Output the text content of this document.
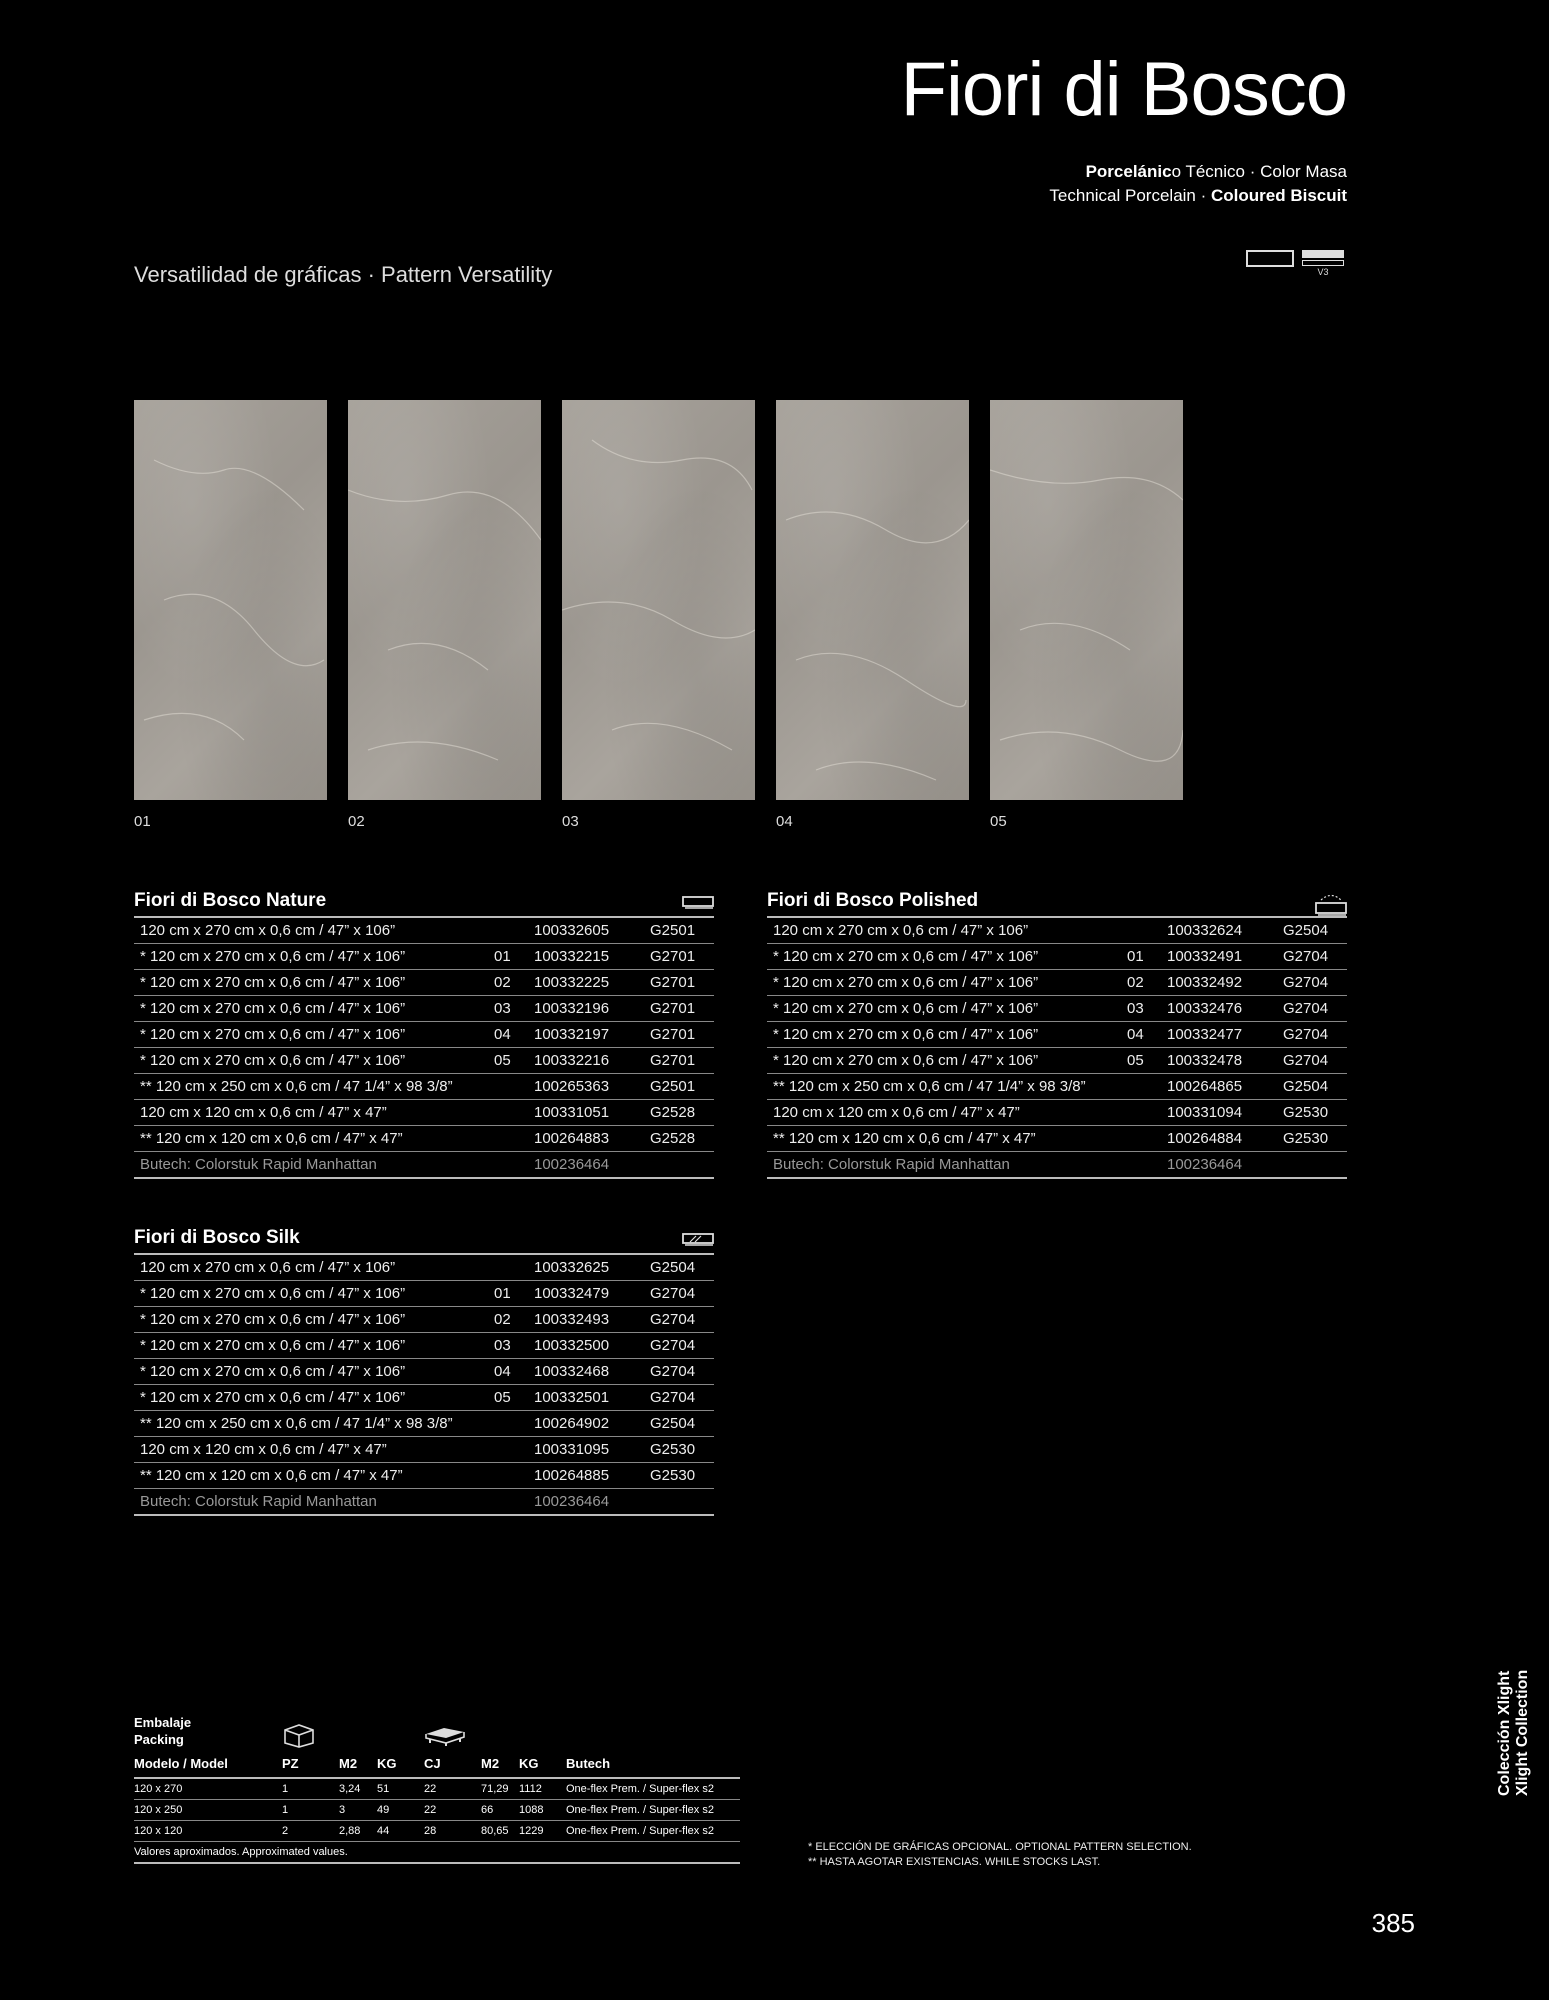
Fiori di Bosco
Porcelánico Técnico · Color Masa
Technical Porcelain · Coloured Biscuit
Versatilidad de gráficas · Pattern Versatility	V3
01	02	03	04	05
Fiori di Bosco Nature
120 cm x 270 cm x 0,6 cm / 47” x 106”	100332605	G2501
* 120 cm x 270 cm x 0,6 cm / 47” x 106”	01	100332215	G2701
* 120 cm x 270 cm x 0,6 cm / 47” x 106”	02	100332225	G2701
* 120 cm x 270 cm x 0,6 cm / 47” x 106”	03	100332196	G2701
* 120 cm x 270 cm x 0,6 cm / 47” x 106”	04	100332197	G2701
* 120 cm x 270 cm x 0,6 cm / 47” x 106”	05	100332216	G2701
** 120 cm x 250 cm x 0,6 cm / 47 1/4” x 98 3/8”	100265363	G2501
120 cm x 120 cm x 0,6 cm / 47” x 47”	100331051	G2528
** 120 cm x 120 cm x 0,6 cm / 47” x 47”	100264883	G2528
Butech: Colorstuk Rapid Manhattan	100236464
Fiori di Bosco Polished
120 cm x 270 cm x 0,6 cm / 47” x 106”	100332624	G2504
* 120 cm x 270 cm x 0,6 cm / 47” x 106”	01	100332491	G2704
* 120 cm x 270 cm x 0,6 cm / 47” x 106”	02	100332492	G2704
* 120 cm x 270 cm x 0,6 cm / 47” x 106”	03	100332476	G2704
* 120 cm x 270 cm x 0,6 cm / 47” x 106”	04	100332477	G2704
* 120 cm x 270 cm x 0,6 cm / 47” x 106”	05	100332478	G2704
** 120 cm x 250 cm x 0,6 cm / 47 1/4” x 98 3/8”	100264865	G2504
120 cm x 120 cm x 0,6 cm / 47” x 47”	100331094	G2530
** 120 cm x 120 cm x 0,6 cm / 47” x 47”	100264884	G2530
Butech: Colorstuk Rapid Manhattan	100236464
Fiori di Bosco Silk
120 cm x 270 cm x 0,6 cm / 47” x 106”	100332625	G2504
* 120 cm x 270 cm x 0,6 cm / 47” x 106”	01	100332479	G2704
* 120 cm x 270 cm x 0,6 cm / 47” x 106”	02	100332493	G2704
* 120 cm x 270 cm x 0,6 cm / 47” x 106”	03	100332500	G2704
* 120 cm x 270 cm x 0,6 cm / 47” x 106”	04	100332468	G2704
* 120 cm x 270 cm x 0,6 cm / 47” x 106”	05	100332501	G2704
** 120 cm x 250 cm x 0,6 cm / 47 1/4” x 98 3/8”	100264902	G2504
120 cm x 120 cm x 0,6 cm / 47” x 47”	100331095	G2530
** 120 cm x 120 cm x 0,6 cm / 47” x 47”	100264885	G2530
Butech: Colorstuk Rapid Manhattan	100236464
Embalaje
Packing
Modelo / Model	PZ	M2	KG	CJ	M2	KG	Butech
120 x 270	1	3,24	51	22	71,29	1112	One-flex Prem. / Super-flex s2
120 x 250	1	3	49	22	66	1088	One-flex Prem. / Super-flex s2
120 x 120	2	2,88	44	28	80,65	1229	One-flex Prem. / Super-flex s2
Valores aproximados. Approximated values.	* ELECCIÓN DE GRÁFICAS OPCIONAL. OPTIONAL PATTERN SELECTION.
** HASTA AGOTAR EXISTENCIAS. WHILE STOCKS LAST.
Colección Xlight Xlight Collection
385
